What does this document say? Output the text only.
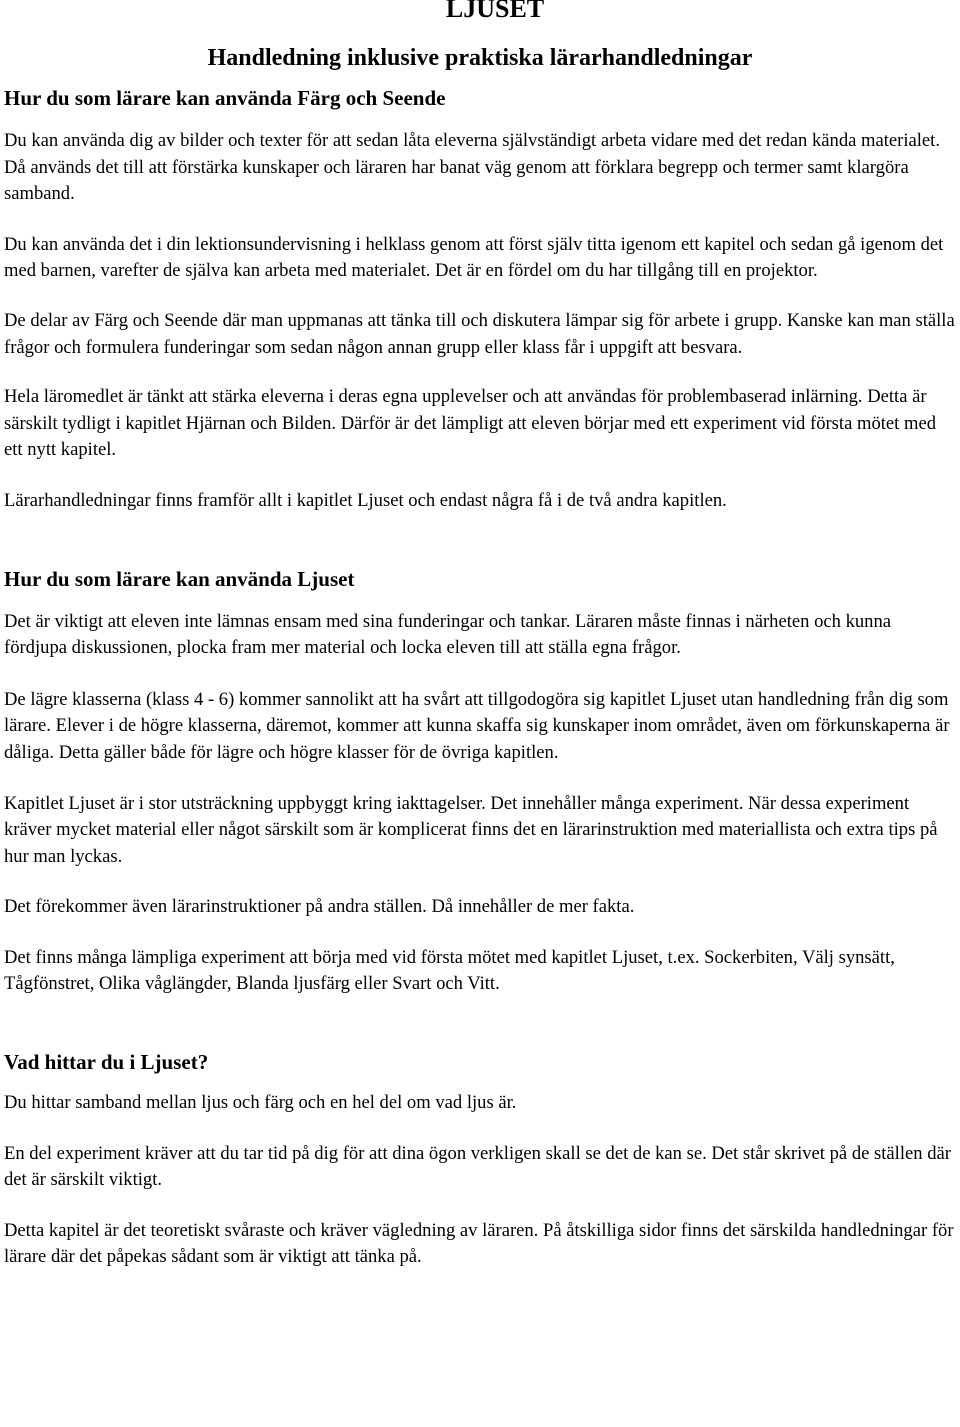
LJUSET
Handledning inklusive praktiska lärarhandledningar
Hur du som lärare kan använda Färg och Seende

Du kan använda dig av bilder och texter för att sedan låta eleverna självständigt arbeta vidare med det redan kända materialet. Då används det till att förstärka kunskaper och läraren har banat väg genom att förklara begrepp och termer samt klargöra samband.

Du kan använda det i din lektionsundervisning i helklass genom att först själv titta igenom ett kapitel och sedan gå igenom det med barnen, varefter de själva kan arbeta med materialet. Det är en fördel om du har tillgång till en projektor.

De delar av Färg och Seende där man uppmanas att tänka till och diskutera lämpar sig för arbete i grupp. Kanske kan man ställa frågor och formulera funderingar som sedan någon annan grupp eller klass får i uppgift att besvara.

Hela läromedlet är tänkt att stärka eleverna i deras egna upplevelser och att användas för problembaserad inlärning. Detta är särskilt tydligt i kapitlet Hjärnan och Bilden. Därför är det lämpligt att eleven börjar med ett experiment vid första mötet med ett nytt kapitel.

Lärarhandledningar finns framför allt i kapitlet Ljuset och endast några få i de två andra kapitlen.

Hur du som lärare kan använda Ljuset

Det är viktigt att eleven inte lämnas ensam med sina funderingar och tankar. Läraren måste finnas i närheten och kunna fördjupa diskussionen, plocka fram mer material och locka eleven till att ställa egna frågor.

De lägre klasserna (klass 4 - 6) kommer sannolikt att ha svårt att tillgodogöra sig kapitlet Ljuset utan handledning från dig som lärare. Elever i de högre klasserna, däremot, kommer att kunna skaffa sig kunskaper inom området, även om förkunskaperna är dåliga. Detta gäller både för lägre och högre klasser för de övriga kapitlen.

Kapitlet Ljuset är i stor utsträckning uppbyggt kring iakttagelser. Det innehåller många experiment. När dessa experiment kräver mycket material eller något särskilt som är komplicerat finns det en lärarinstruktion med materiallista och extra tips på hur man lyckas.

Det förekommer även lärarinstruktioner på andra ställen. Då innehåller de mer fakta.

Det finns många lämpliga experiment att börja med vid första mötet med kapitlet Ljuset, t.ex. Sockerbiten, Välj synsätt, Tågfönstret, Olika våglängder, Blanda ljusfärg eller Svart och Vitt.

Vad hittar du i Ljuset?

Du hittar samband mellan ljus och färg och en hel del om vad ljus är.

En del experiment kräver att du tar tid på dig för att dina ögon verkligen skall se det de kan se. Det står skrivet på de ställen där det är särskilt viktigt.

Detta kapitel är det teoretiskt svåraste och kräver vägledning av läraren. På åtskilliga sidor finns det särskilda handledningar för lärare där det påpekas sådant som är viktigt att tänka på.
